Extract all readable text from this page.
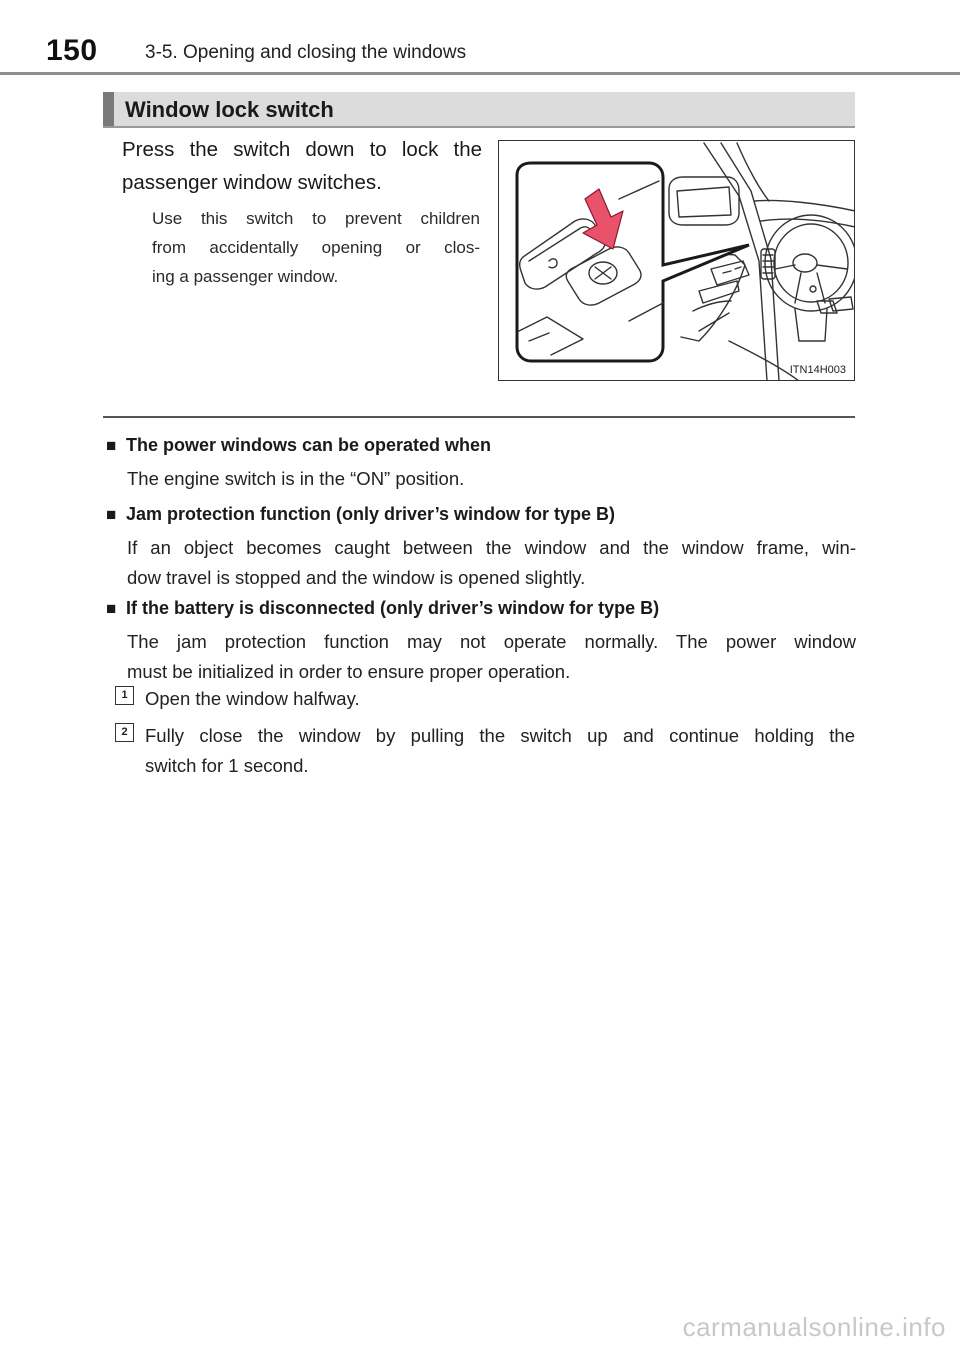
150 3-5. Opening and closing the windows
Window lock switch
Press the switch down to lock the
passenger window switches.
Use this switch to prevent children
from accidentally opening or clos-
ing a passenger window.
ITN14H003
■ The power windows can be operated when
The engine switch is in the “ON” position.
■ Jam protection function (only driver’s window for type B)
If an object becomes caught between the window and the window frame, win-
dow travel is stopped and the window is opened slightly.
■ If the battery is disconnected (only driver’s window for type B)
The jam protection function may not operate normally. The power window
must be initialized in order to ensure proper operation.
1 Open the window halfway.
2 Fully close the window by pulling the switch up and continue holding the
switch for 1 second.
carmanualsonline.info
